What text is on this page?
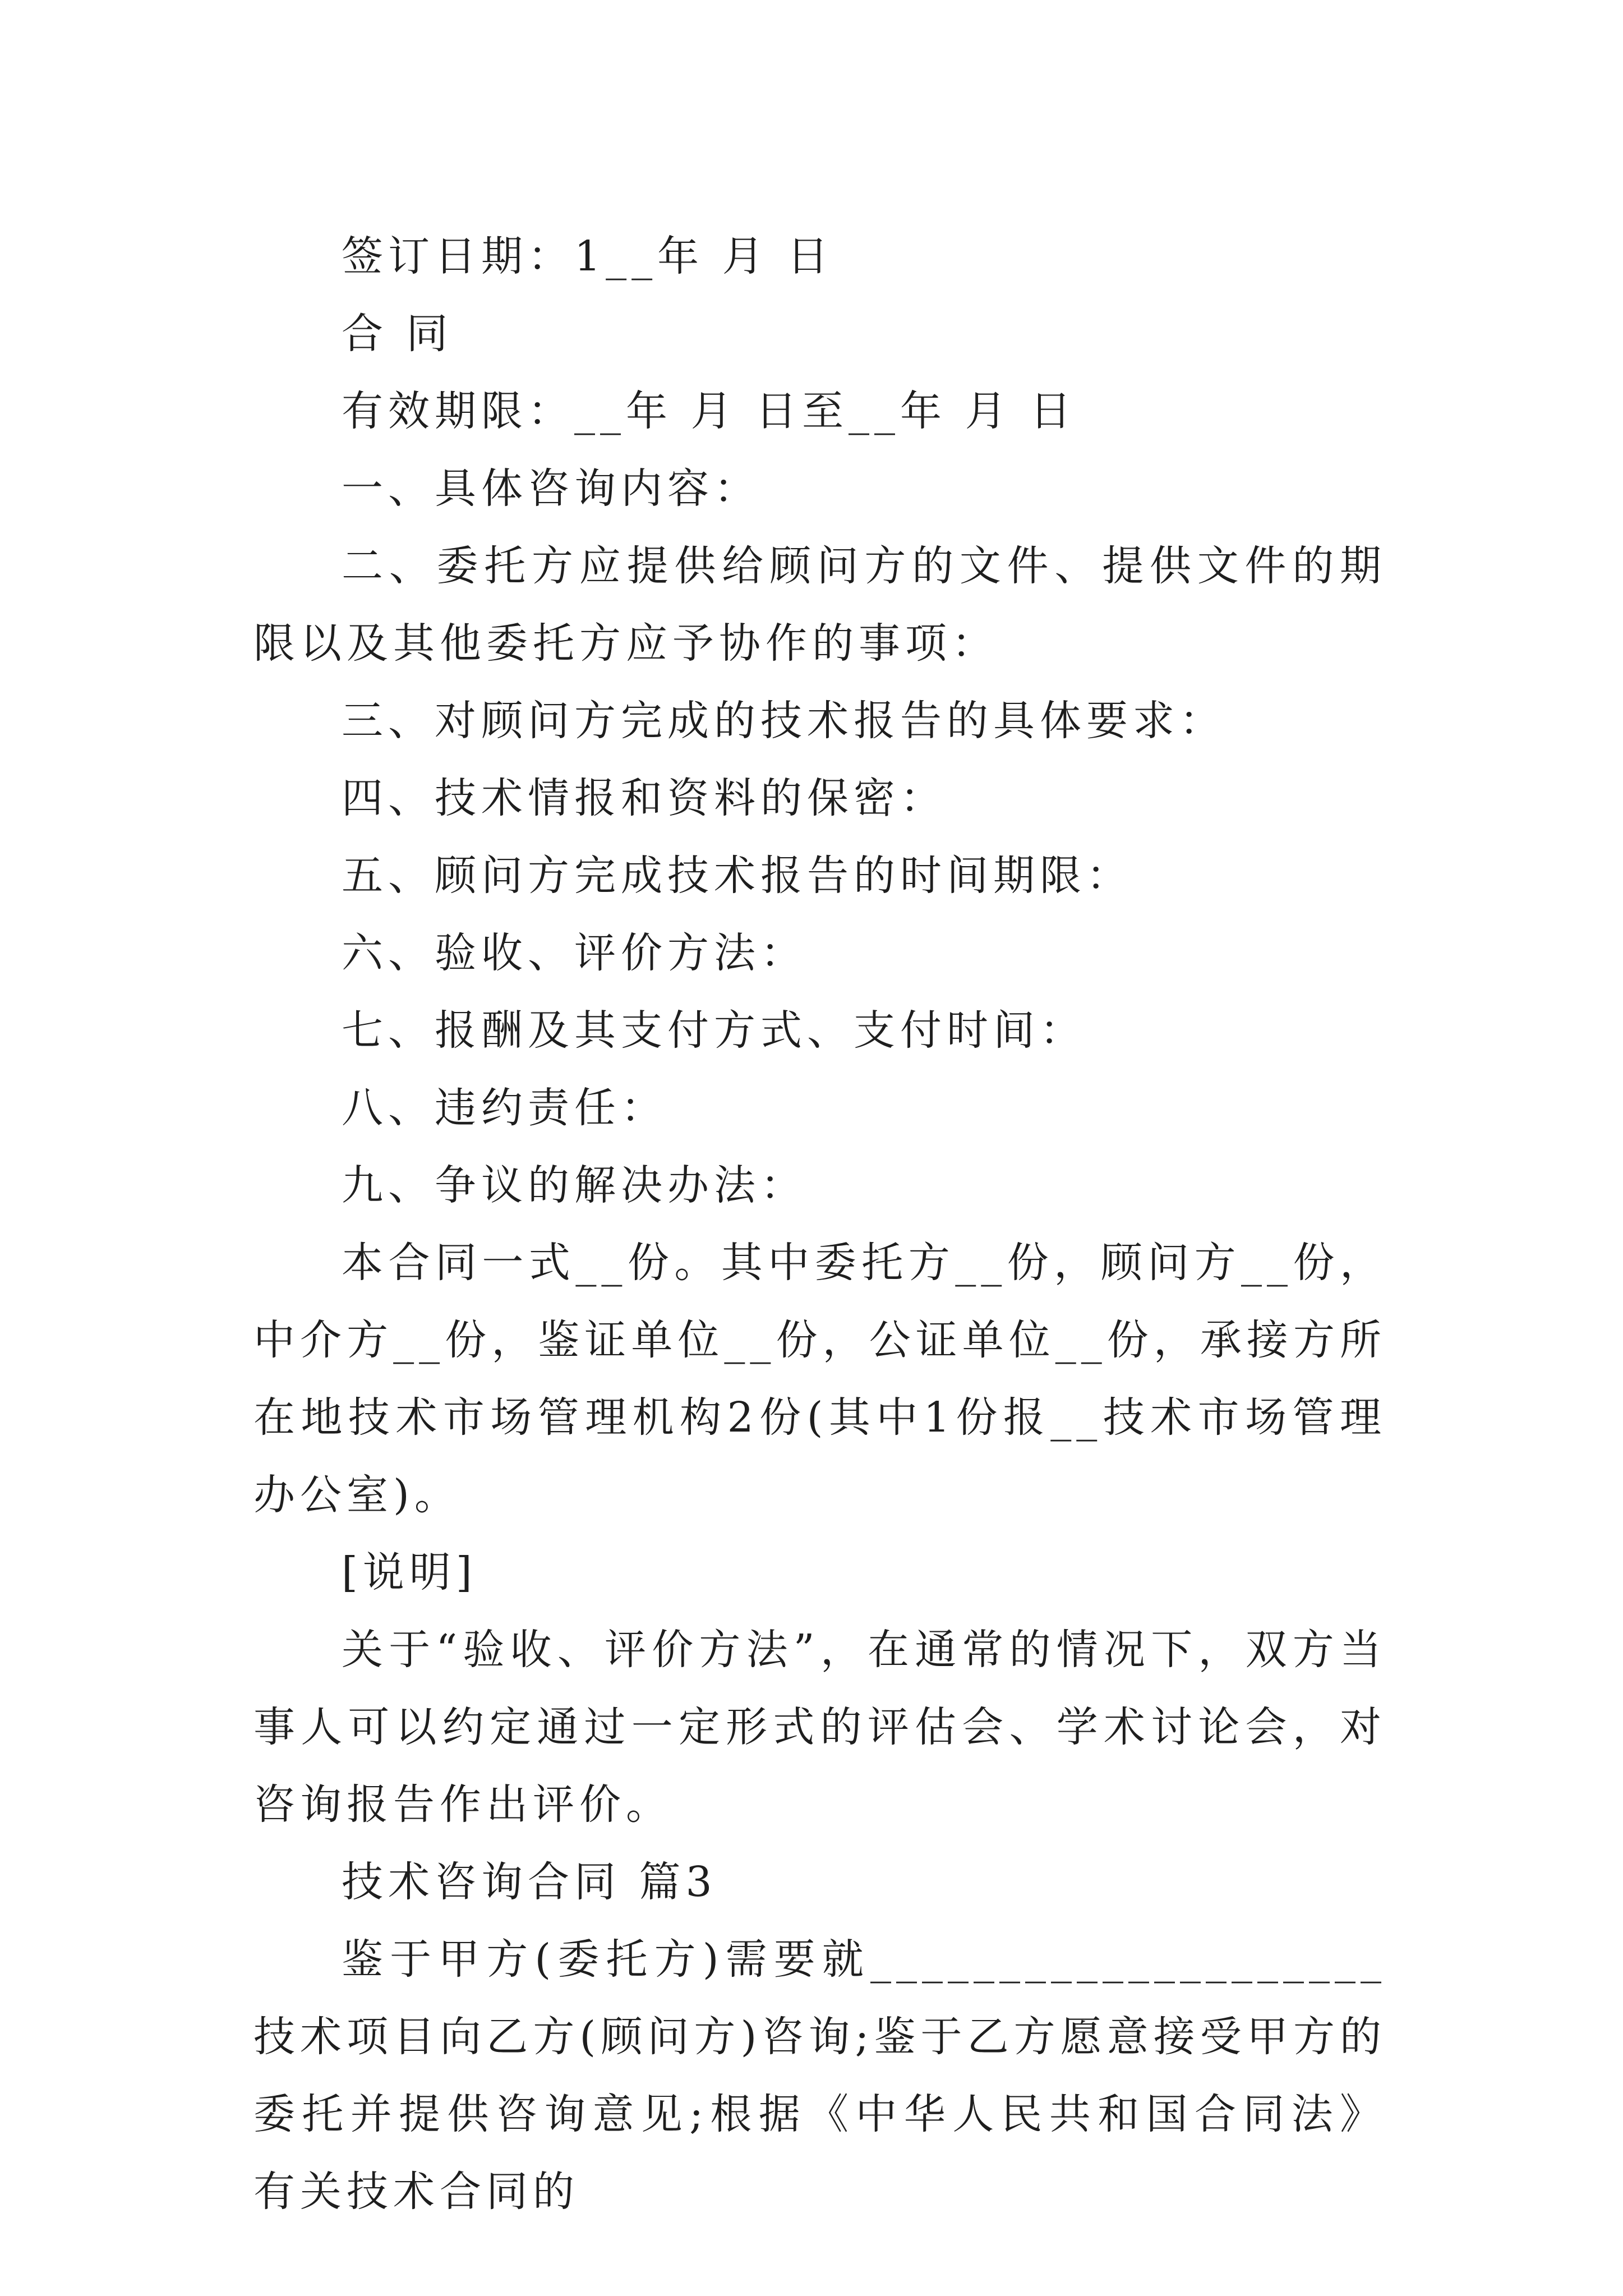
签订日期：1__年 月 日

合 同

有效期限：__年 月 日至__年 月 日

一、具体咨询内容：

二、委托方应提供给顾问方的文件、提供文件的期限以及其他委托方应予协作的事项：

三、对顾问方完成的技术报告的具体要求：

四、技术情报和资料的保密：

五、顾问方完成技术报告的时间期限：

六、验收、评价方法：

七、报酬及其支付方式、支付时间：

八、违约责任：

九、争议的解决办法：

本合同一式__份。其中委托方__份，顾问方__份，中介方__份，鉴证单位__份，公证单位__份，承接方所在地技术市场管理机构2份(其中1份报__技术市场管理办公室)。

[说明]

关于“验收、评价方法”，在通常的情况下，双方当事人可以约定通过一定形式的评估会、学术讨论会，对咨询报告作出评价。

技术咨询合同 篇3

鉴于甲方(委托方)需要就____________________技术项目向乙方(顾问方)咨询;鉴于乙方愿意接受甲方的委托并提供咨询意见;根据《中华人民共和国合同法》有关技术合同的
